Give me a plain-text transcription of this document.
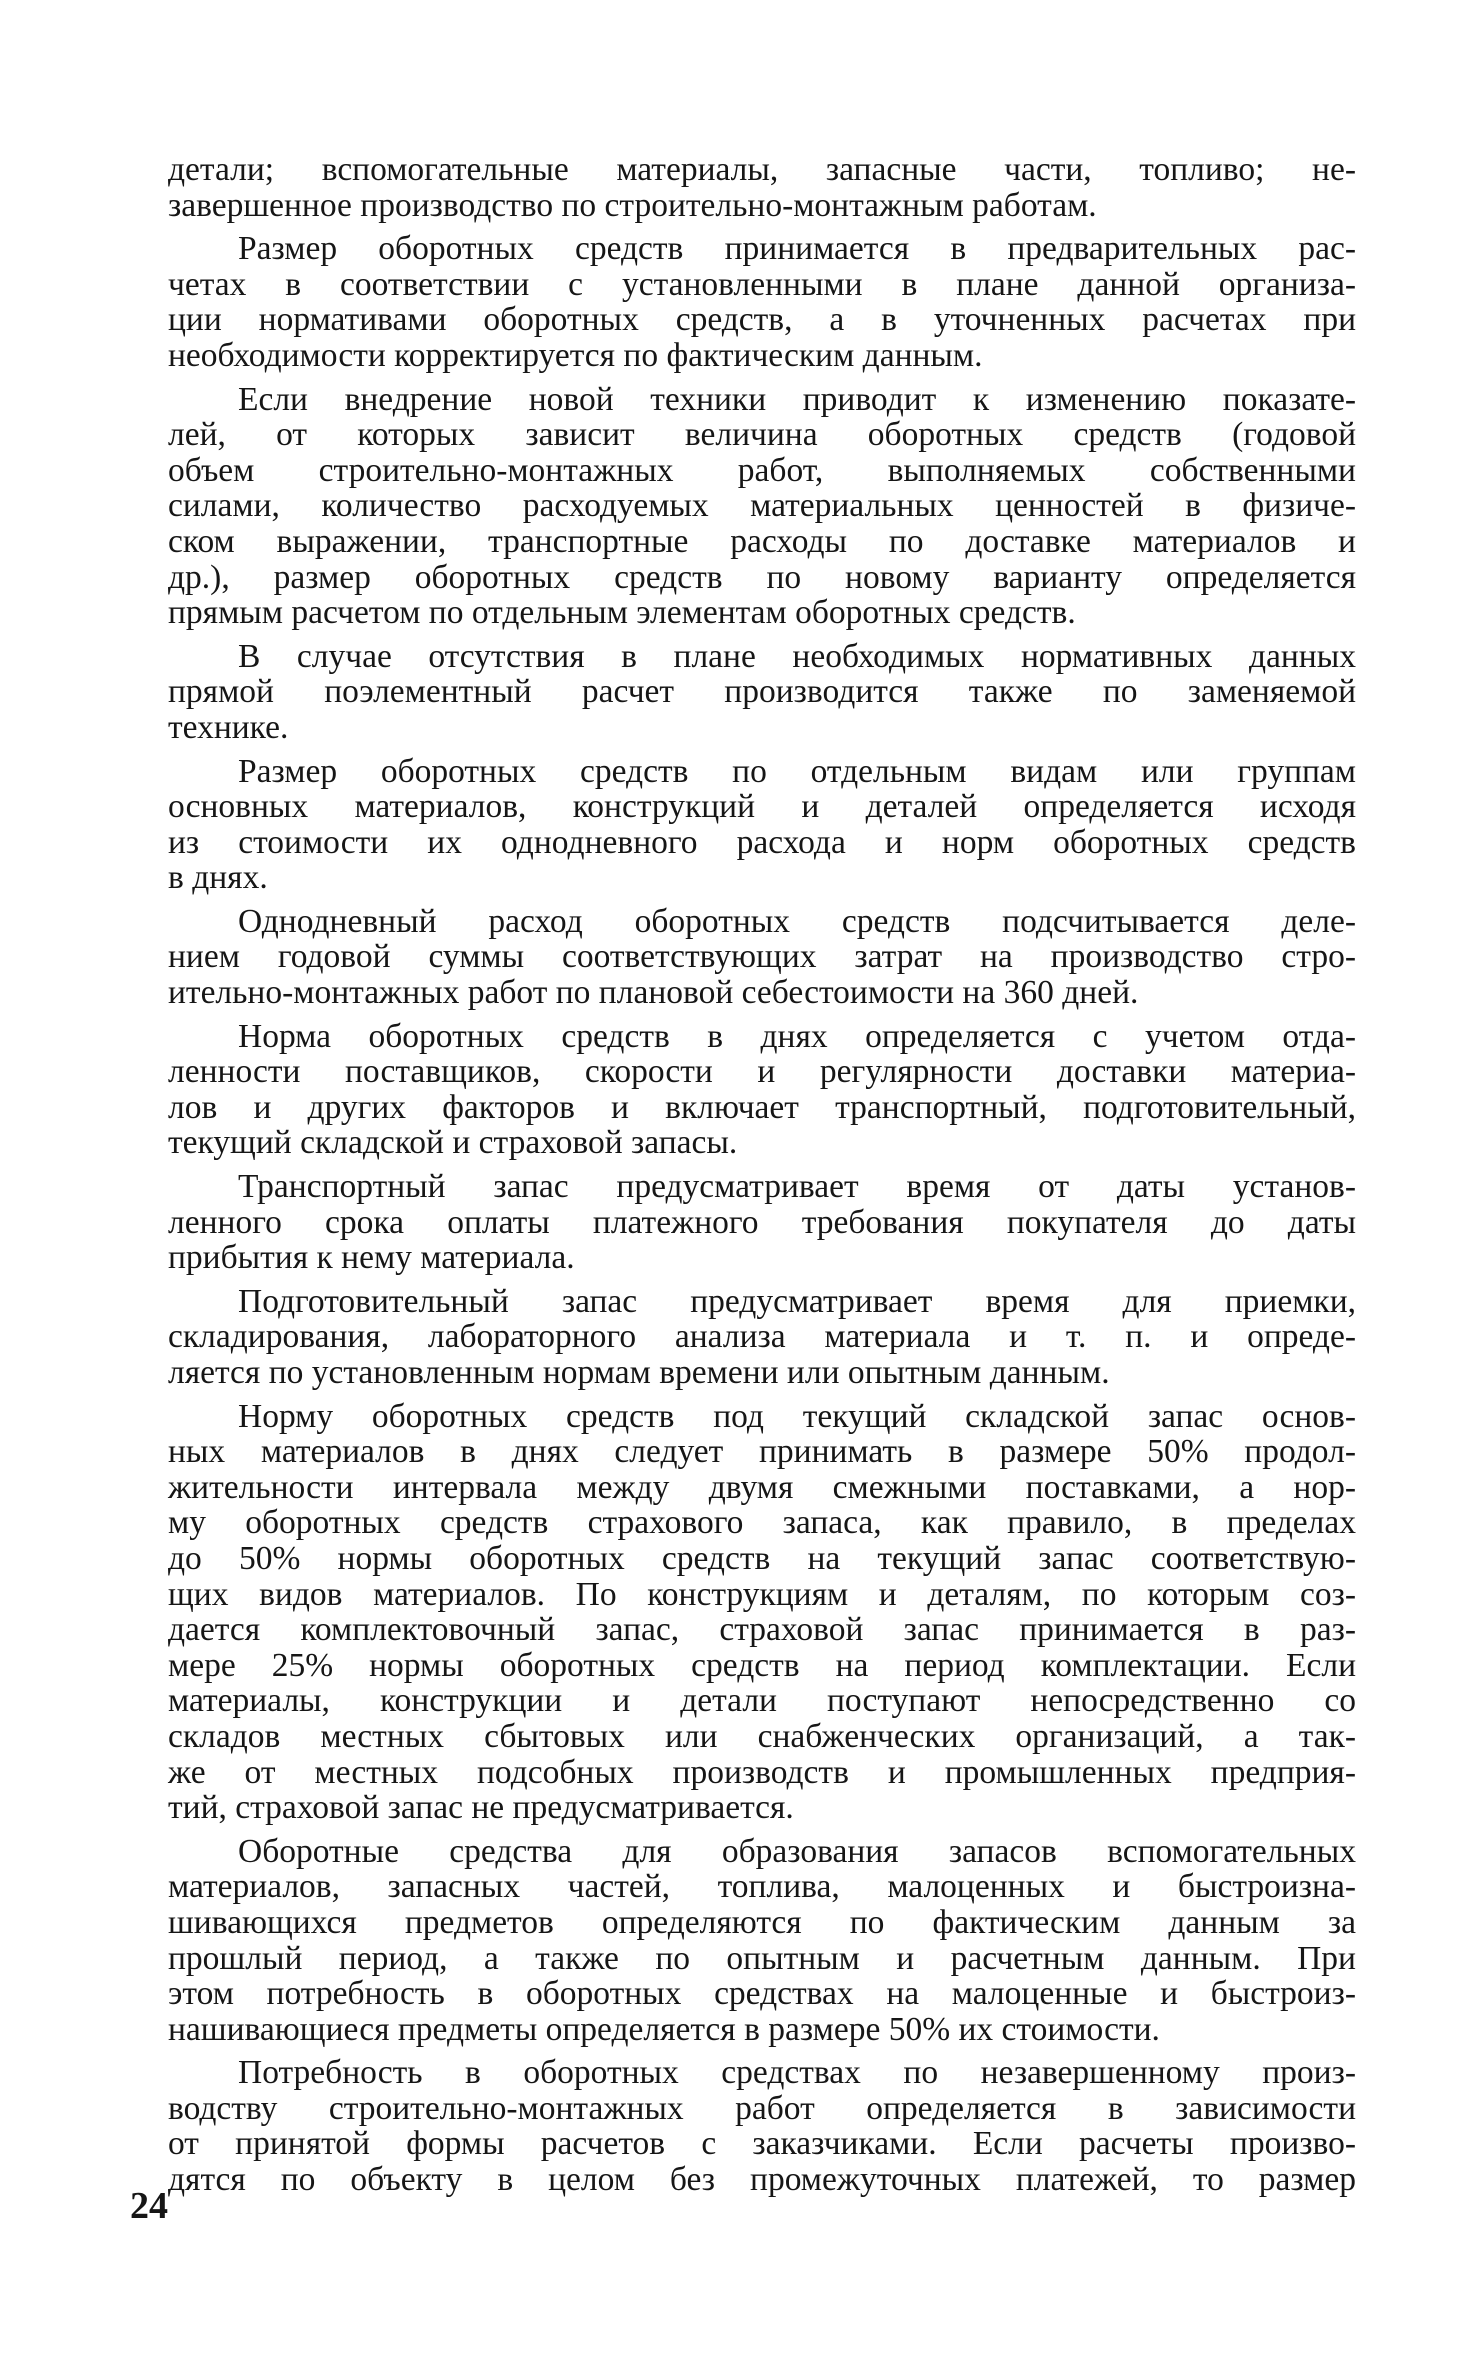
детали; вспомогательные материалы, запасные части, топливо; не-
завершенное производство по строительно-монтажным работам.

Размер оборотных средств принимается в предварительных рас-
четах в соответствии с установленными в плане данной организа-
ции нормативами оборотных средств, а в уточненных расчетах при
необходимости корректируется по фактическим данным.

Если внедрение новой техники приводит к изменению показате-
лей, от которых зависит величина оборотных средств (годовой
объем строительно-монтажных работ, выполняемых собственными
силами, количество расходуемых материальных ценностей в физиче-
ском выражении, транспортные расходы по доставке материалов и
др.), размер оборотных средств по новому варианту определяется
прямым расчетом по отдельным элементам оборотных средств.

В случае отсутствия в плане необходимых нормативных данных
прямой поэлементный расчет производится также по заменяемой
технике.

Размер оборотных средств по отдельным видам или группам
основных материалов, конструкций и деталей определяется исходя
из стоимости их однодневного расхода и норм оборотных средств
в днях.

Однодневный расход оборотных средств подсчитывается деле-
нием годовой суммы соответствующих затрат на производство стро-
ительно-монтажных работ по плановой себестоимости на 360 дней.

Норма оборотных средств в днях определяется с учетом отда-
ленности поставщиков, скорости и регулярности доставки материа-
лов и других факторов и включает транспортный, подготовительный,
текущий складской и страховой запасы.

Транспортный запас предусматривает время от даты установ-
ленного срока оплаты платежного требования покупателя до даты
прибытия к нему материала.

Подготовительный запас предусматривает время для приемки,
складирования, лабораторного анализа материала и т. п. и опреде-
ляется по установленным нормам времени или опытным данным.

Норму оборотных средств под текущий складской запас основ-
ных материалов в днях следует принимать в размере 50% продол-
жительности интервала между двумя смежными поставками, а нор-
му оборотных средств страхового запаса, как правило, в пределах
до 50% нормы оборотных средств на текущий запас соответствую-
щих видов материалов. По конструкциям и деталям, по которым соз-
дается комплектовочный запас, страховой запас принимается в раз-
мере 25% нормы оборотных средств на период комплектации. Если
материалы, конструкции и детали поступают непосредственно со
складов местных сбытовых или снабженческих организаций, а так-
же от местных подсобных производств и промышленных предприя-
тий, страховой запас не предусматривается.

Оборотные средства для образования запасов вспомогательных
материалов, запасных частей, топлива, малоценных и быстроизна-
шивающихся предметов определяются по фактическим данным за
прошлый период, а также по опытным и расчетным данным. При
этом потребность в оборотных средствах на малоценные и быстроиз-
нашивающиеся предметы определяется в размере 50% их стоимости.

Потребность в оборотных средствах по незавершенному произ-
водству строительно-монтажных работ определяется в зависимости
от принятой формы расчетов с заказчиками. Если расчеты произво-
дятся по объекту в целом без промежуточных платежей, то размер

24
